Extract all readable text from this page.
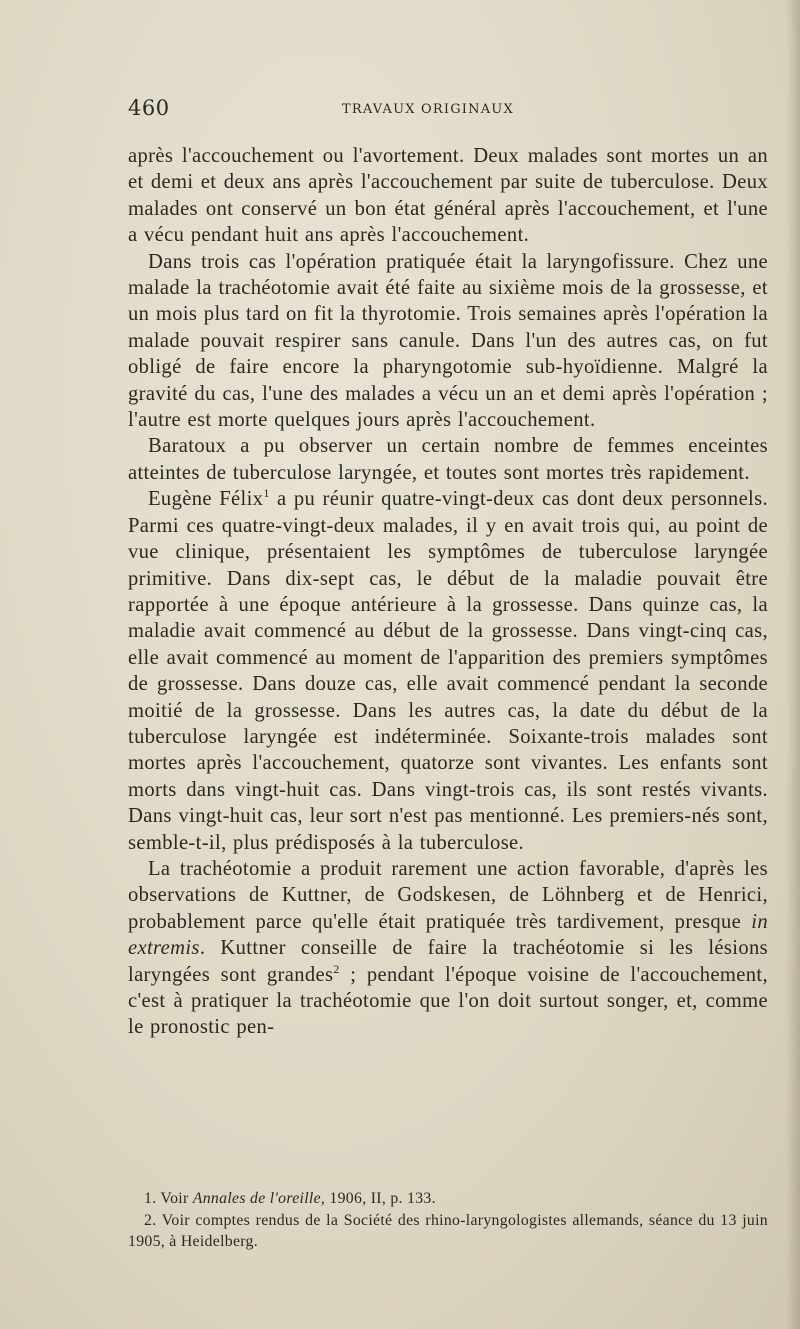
460	TRAVAUX ORIGINAUX

après l'accouchement ou l'avortement. Deux malades sont mortes un an et demi et deux ans après l'accouchement par suite de tuberculose. Deux malades ont conservé un bon état général après l'accouchement, et l'une a vécu pendant huit ans après l'accouchement.

Dans trois cas l'opération pratiquée était la laryngofissure. Chez une malade la trachéotomie avait été faite au sixième mois de la grossesse, et un mois plus tard on fit la thyrotomie. Trois semaines après l'opération la malade pouvait respirer sans canule. Dans l'un des autres cas, on fut obligé de faire encore la pharyngotomie sub-hyoïdienne. Malgré la gravité du cas, l'une des malades a vécu un an et demi après l'opération ; l'autre est morte quelques jours après l'accouchement.

Baratoux a pu observer un certain nombre de femmes enceintes atteintes de tuberculose laryngée, et toutes sont mortes très rapidement.

Eugène Félix$^1$ a pu réunir quatre-vingt-deux cas dont deux personnels. Parmi ces quatre-vingt-deux malades, il y en avait trois qui, au point de vue clinique, présentaient les symptômes de tuberculose laryngée primitive. Dans dix-sept cas, le début de la maladie pouvait être rapportée à une époque antérieure à la grossesse. Dans quinze cas, la maladie avait commencé au début de la grossesse. Dans vingt-cinq cas, elle avait commencé au moment de l'apparition des premiers symptômes de grossesse. Dans douze cas, elle avait commencé pendant la seconde moitié de la grossesse. Dans les autres cas, la date du début de la tuberculose laryngée est indéterminée. Soixante-trois malades sont mortes après l'accouchement, quatorze sont vivantes. Les enfants sont morts dans vingt-huit cas. Dans vingt-trois cas, ils sont restés vivants. Dans vingt-huit cas, leur sort n'est pas mentionné. Les premiers-nés sont, semble-t-il, plus prédisposés à la tuberculose.

La trachéotomie a produit rarement une action favorable, d'après les observations de Kuttner, de Godskesen, de Löhnberg et de Henrici, probablement parce qu'elle était pratiquée très tardivement, presque in extremis. Kuttner conseille de faire la trachéotomie si les lésions laryngées sont grandes$^2$ ; pendant l'époque voisine de l'accouchement, c'est à pratiquer la trachéotomie que l'on doit surtout songer, et, comme le pronostic pen-

1. Voir Annales de l'oreille, 1906, II, p. 133.

2. Voir comptes rendus de la Société des rhino-laryngologistes allemands, séance du 13 juin 1905, à Heidelberg.
